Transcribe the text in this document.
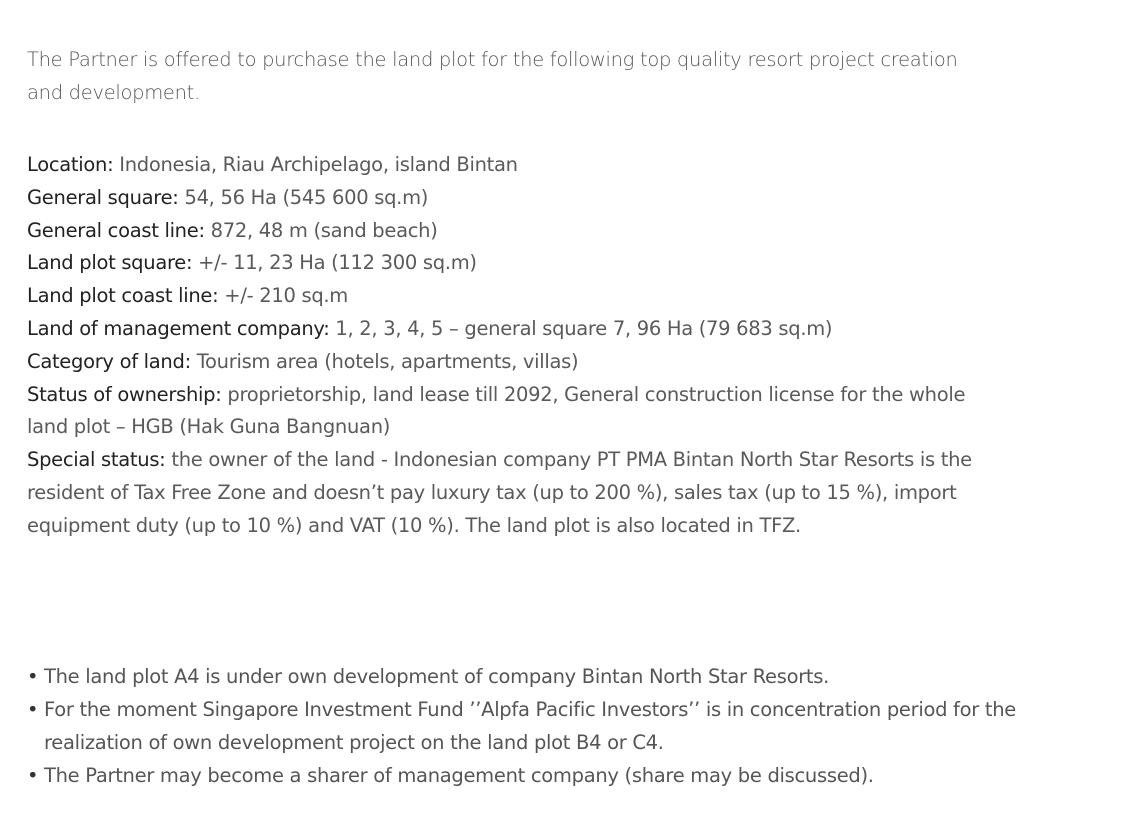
The Partner is offered to purchase the land plot for the following top quality resort project creation and development.

Location: Indonesia, Riau Archipelago, island Bintan
General square: 54, 56 Ha (545 600 sq.m)
General coast line: 872, 48 m (sand beach)
Land plot square: +/- 11, 23 Ha (112 300 sq.m)
Land plot coast line: +/- 210 sq.m
Land of management company: 1, 2, 3, 4, 5 – general square 7, 96 Ha (79 683 sq.m)
Category of land: Tourism area (hotels, apartments, villas)
Status of ownership: proprietorship, land lease till 2092, General construction license for the whole land plot – HGB (Hak Guna Bangnuan)
Special status: the owner of the land - Indonesian company PT PMA Bintan North Star Resorts is the resident of Tax Free Zone and doesn’t pay luxury tax (up to 200 %), sales tax (up to 15 %), import equipment duty (up to 10 %) and VAT (10 %). The land plot is also located in TFZ.
• The land plot A4 is under own development of company Bintan North Star Resorts.
• For the moment Singapore Investment Fund ’’Alpfa Pacific Investors’’ is in concentration period for the realization of own development project on the land plot B4 or C4.
• The Partner may become a sharer of management company (share may be discussed).
